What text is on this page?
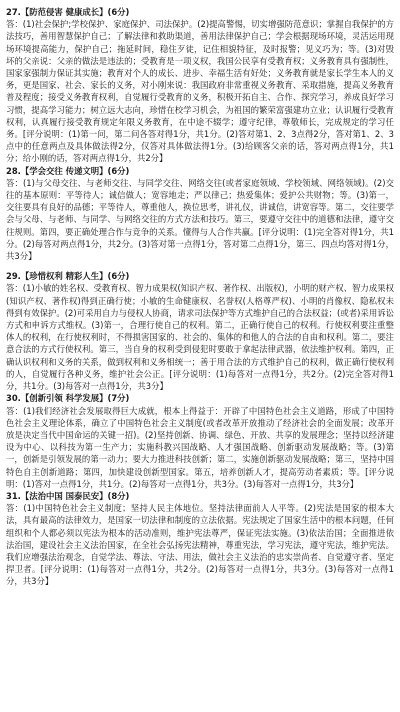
27.【防范侵害 健康成长】(6分)
答：(1)社会保护;学校保护、家庭保护、司法保护。(2)提高警惕，切实增强防范意识；掌握自我保护的方法技巧，善用智慧保护自己；了解法律和救助渠道，善用法律保护自己；学会根据现场环境，灵活运用现场环境提高能力，保护自己；拖延时间，稳住歹徒，记住相貌特征，及时报警；见义巧为；等。(3)对毁坏的父亲说：父亲的做法是违法的；受教育是一项义权，我国公民享有受教育权；义务教育具有强制性，国家家强制力保证其实施；教育对个人的成长、进步、幸福生活有好处；义务教育就是家长学生本人的义务，更是国家、社会、家长的义务，对小刚来说：我国政府非常重视义务教育、采取措施，提高义务教育普及程度；接受义务教育权利，自觉履行受教育的义务，积极开拓自主、合作、探究学习，养成良好学习习惯，提高学习能力；树立远大志向，珍惜在校学习机会，为祖国的繁荣富强建功立业；认识履行受教育权利，认真履行接受教育规定年限义务教育，在中途不辍学；遵守纪律，尊敬师长，完成规定的学习任务。[评分说明：(1)第一问，第二问各答对得1分，共1分。(2)答对第1、2、3点得2分，答对第1、2、3点中的任意两点及具体做法得2分，仅答对具体做法得1分。(3)给顾客父亲的话，答对两点得1分，共1分；给小刚的话，答对两点得1分，共2分】
28.【学会交往 传递文明】(6分)
答：(1)与父母交往、与老师交往、与同学交往、网络交往(或者家庭领域、学校领域、网络领域)。(2)交往的基本原则：平等待人；诚信做人；宽容地走；严以律己；热爱集体；爱护公共财物；等。(3)第一，交往要具有良好的品德；平等待人，尊重他人，换位思考，讲礼仪，讲诚信，讲宽容等。第二，交往要学会与父母、与老师、与同学、与网络交往的方式方法和技巧。第三，要遵守交往中的道德和法律，遵守交往规则。第四，要正确处理合作与竞争的关系。懂得与人合作共赢。[评分说明：(1)完全答对得1分，共1分。(2)每答对两点得1分，共2分。(3)答对第一点得1分，答对第二点得1分，第三、四点均答对得1分，共3分】
29.【珍惜权利 精彩人生】(6分)
答：(1)小敏的姓名权、受教育权、智力成果权(知识产权、著作权、出版权)，小明的财产权、智力成果权(知识产权、著作权)得到正确行使；小敏的生命健康权、名誉权(人格尊严权)、小明的肖像权、隐私权未得到有效保护。(2)可采用自力与侵权人协商，请求司法保护等方式维护自己的合法权益；(或者)采用诉讼方式和申诉方式维权。(3)第一，合理行使自己的权利。第二，正确行使自己的权利。行使权利要注重整体人的权利，在行使权利时，不得损害国家的、社会的、集体的和他人的合法的自由和权利。第二，要注意合法的方式行使权利。第三，当自身的权利受到侵犯时要敢于拿起法律武器，依法维护权利。第四，正确认识权利和义务的关系，做到权利和义务相统一；善于用合法的方式维护自己的权利，做正确行使权利的人，自觉履行各种义务，维护社会公正。[评分说明：(1)每答对一点得1分，共2分。(2)完全答对得1分，共1分。(3)每答对一点得1分，共3分】
30.【创新引领 科学发展】(7分)
答：(1)我们经济社会发展取得巨大成就，根本上得益于：开辟了中国特色社会主义道路，形成了中国特色社会主义理论体系，确立了中国特色社会主义制度(或者改革开放推动了经济社会的全面发展；改革开放是决定当代中国命运的关键一招)。(2)坚持创新、协调、绿色、开放、共享的发展理念；坚持以经济建设为中心、以科技为第一生产力；实施科教兴国战略、人才强国战略、创新驱动发展战略；等。(3)第一，创新是引领发展的第一动力；要大力推进科技创新；第二，实施创新驱动发展战略；第三，坚持中国特色自主创新道路；第四，加快建设创新型国家。第五，培养创新人才，提高劳动者素质；等。[评分说明：(1)答对一点得1分，共1分。(2)每答对一点得1分，共3分。(3)每答对一点得1分，共3分】
31.【法治中国 国泰民安】(8分)
答：(1)中国特色社会主义制度；坚持人民主体地位。坚持法律面前人人平等。(2)宪法是国家的根本大法，具有最高的法律效力，是国家一切法律和制度的立法依据。宪法规定了国家生活中的根本问题，任何组织和个人都必须以宪法为根本的活动准则，维护宪法尊严，保证宪法实施。(3)依法治国；全面推进依法治国，建设社会主义法治国家，在全社会弘扬宪法精神，尊重宪法，学习宪法，遵守宪法，维护宪法。我们应增强法治观念，自觉学法、尊法、守法、用法，做社会主义法治的忠实崇尚者、自觉遵守者、坚定捍卫者。[评分说明：(1)每答对一点得1分，共2分。(2)每答对一点得1分，共3分。(3)每答对一点得1分，共3分】
